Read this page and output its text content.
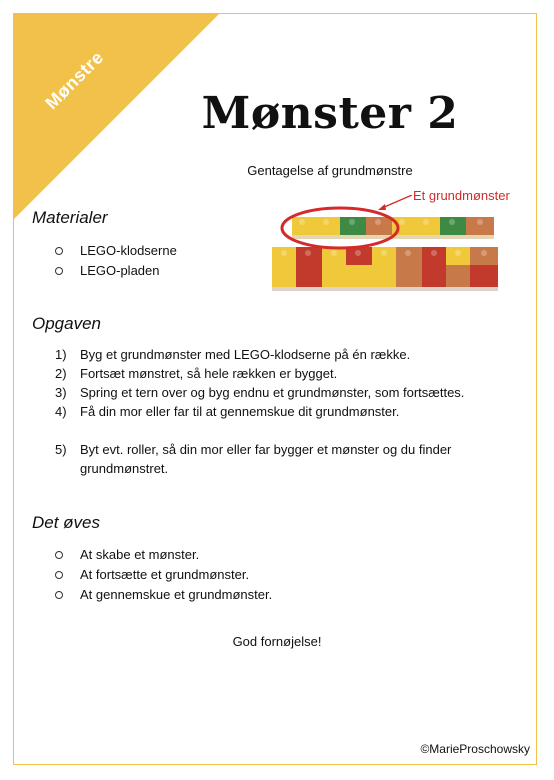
Mønstre
Mønster 2
Gentagelse af grundmønstre
Et grundmønster
Materialer
LEGO-klodserne
LEGO-pladen
Opgaven
1) Byg et grundmønster med LEGO-klodserne på én række.
2) Fortsæt mønstret, så hele rækken er bygget.
3) Spring et tern over og byg endnu et grundmønster, som fortsættes.
4) Få din mor eller far til at gennemskue dit grundmønster.
5) Byt evt. roller, så din mor eller far bygger et mønster og du finder grundmønstret.
Det øves
At skabe et mønster.
At fortsætte et grundmønster.
At gennemskue et grundmønster.
God fornøjelse!
©MarieProschowsky
